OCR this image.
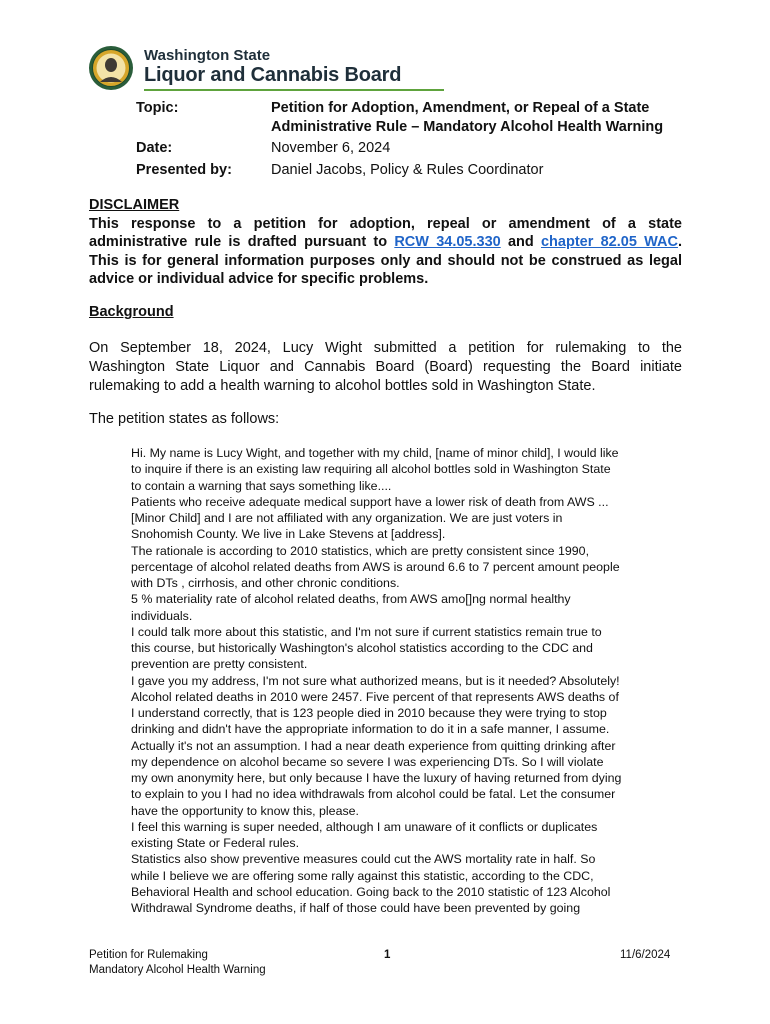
Washington State
Liquor and Cannabis Board
Topic:	Petition for Adoption, Amendment, or Repeal of a State
Administrative Rule – Mandatory Alcohol Health Warning
Date:	November 6, 2024
Presented by:	Daniel Jacobs, Policy & Rules Coordinator
DISCLAIMER
This response to a petition for adoption, repeal or amendment of a state
administrative rule is drafted pursuant to RCW 34.05.330 and chapter 82.05 WAC.
This is for general information purposes only and should not be construed as legal
advice or individual advice for specific problems.
Background
On September 18, 2024, Lucy Wight submitted a petition for rulemaking to the
Washington State Liquor and Cannabis Board (Board) requesting the Board initiate
rulemaking to add a health warning to alcohol bottles sold in Washington State.
The petition states as follows:
Hi. My name is Lucy Wight, and together with my child, [name of minor child], I would like
to inquire if there is an existing law requiring all alcohol bottles sold in Washington State
to contain a warning that says something like....
Patients who receive adequate medical support have a lower risk of death from AWS ...
[Minor Child] and I are not affiliated with any organization. We are just voters in
Snohomish County. We live in Lake Stevens at [address].
The rationale is according to 2010 statistics, which are pretty consistent since 1990,
percentage of alcohol related deaths from AWS is around 6.6 to 7 percent amount people
with DTs , cirrhosis, and other chronic conditions.
5 % materiality rate of alcohol related deaths, from AWS amo[]ng normal healthy
individuals.
I could talk more about this statistic, and I'm not sure if current statistics remain true to
this course, but historically Washington's alcohol statistics according to the CDC and
prevention are pretty consistent.
I gave you my address, I'm not sure what authorized means, but is it needed? Absolutely!
Alcohol related deaths in 2010 were 2457. Five percent of that represents AWS deaths of
I understand correctly, that is 123 people died in 2010 because they were trying to stop
drinking and didn't have the appropriate information to do it in a safe manner, I assume.
Actually it's not an assumption. I had a near death experience from quitting drinking after
my dependence on alcohol became so severe I was experiencing DTs. So I will violate
my own anonymity here, but only because I have the luxury of having returned from dying
to explain to you I had no idea withdrawals from alcohol could be fatal. Let the consumer
have the opportunity to know this, please.
I feel this warning is super needed, although I am unaware of it conflicts or duplicates
existing State or Federal rules.
Statistics also show preventive measures could cut the AWS mortality rate in half. So
while I believe we are offering some rally against this statistic, according to the CDC,
Behavioral Health and school education. Going back to the 2010 statistic of 123 Alcohol
Withdrawal Syndrome deaths, if half of those could have been prevented by going
Petition for Rulemaking
Mandatory Alcohol Health Warning
1	11/6/2024
